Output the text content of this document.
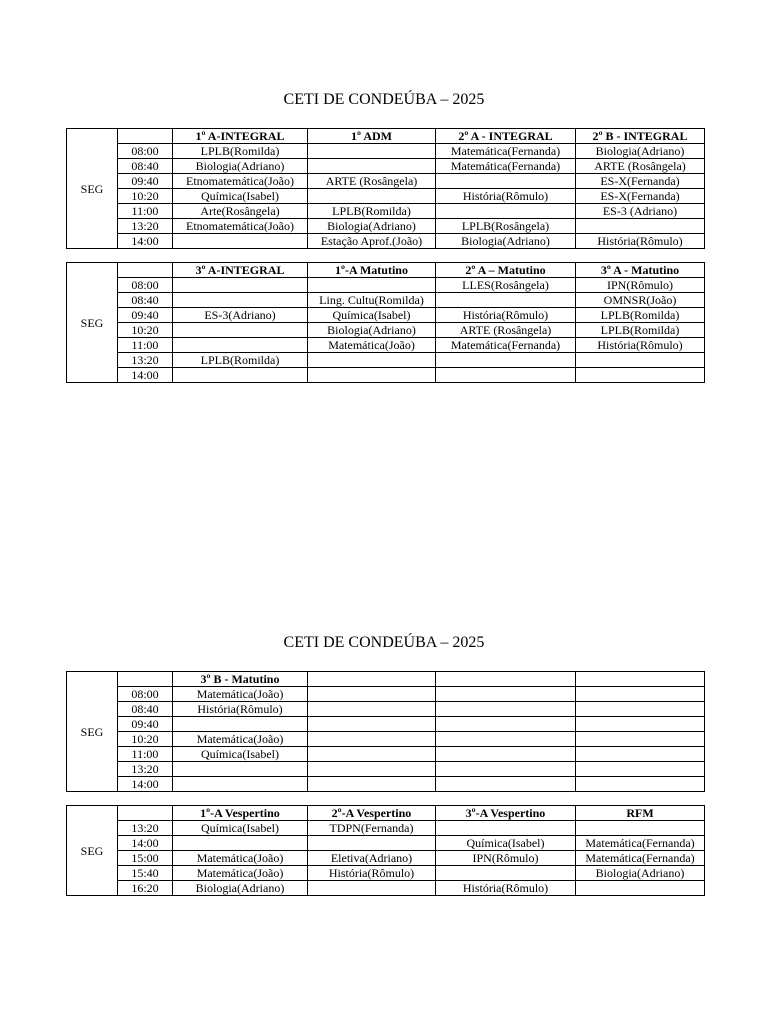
CETI DE CONDEÚBA – 2025
SEG		1º A-INTEGRAL	1º ADM	2º A - INTEGRAL	2º B - INTEGRAL
	08:00	LPLB(Romilda)		Matemática(Fernanda)	Biologia(Adriano)
	08:40	Biologia(Adriano)		Matemática(Fernanda)	ARTE (Rosângela)
	09:40	Etnomatemática(João)	ARTE (Rosângela)		ES-X(Fernanda)
	10:20	Química(Isabel)		História(Rômulo)	ES-X(Fernanda)
	11:00	Arte(Rosângela)	LPLB(Romilda)		ES-3 (Adriano)
	13:20	Etnomatemática(João)	Biologia(Adriano)	LPLB(Rosângela)	
	14:00		Estação Aprof.(João)	Biologia(Adriano)	História(Rômulo)
SEG		3º A-INTEGRAL	1º-A Matutino	2º A – Matutino	3º A - Matutino
	08:00			LLES(Rosângela)	IPN(Rômulo)
	08:40		Ling. Cultu(Romilda)		OMNSR(João)
	09:40	ES-3(Adriano)	Química(Isabel)	História(Rômulo)	LPLB(Romilda)
	10:20		Biologia(Adriano)	ARTE (Rosângela)	LPLB(Romilda)
	11:00		Matemática(João)	Matemática(Fernanda)	História(Rômulo)
	13:20	LPLB(Romilda)			
	14:00				
CETI DE CONDEÚBA – 2025
SEG		3º B - Matutino			
	08:00	Matemática(João)			
	08:40	História(Rômulo)			
	09:40				
	10:20	Matemática(João)			
	11:00	Química(Isabel)			
	13:20				
	14:00				
SEG		1º-A Vespertino	2º-A Vespertino	3º-A Vespertino	RFM
	13:20	Química(Isabel)	TDPN(Fernanda)		
	14:00			Química(Isabel)	Matemática(Fernanda)
	15:00	Matemática(João)	Eletiva(Adriano)	IPN(Rômulo)	Matemática(Fernanda)
	15:40	Matemática(João)	História(Rômulo)		Biologia(Adriano)
	16:20	Biologia(Adriano)		História(Rômulo)	
